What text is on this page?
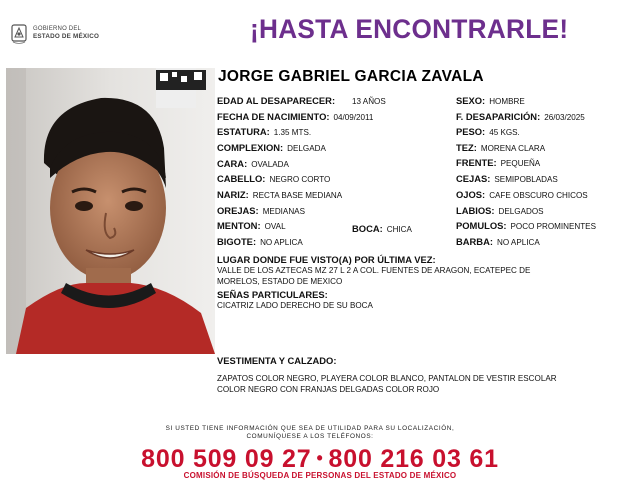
GOBIERNO DEL
ESTADO DE MÉXICO	¡HASTA ENCONTRARLE!
JORGE GABRIEL GARCIA ZAVALA
EDAD AL DESAPARECER:	13 AÑOS
FECHA DE NACIMIENTO: 04/09/2011
ESTATURA: 1.35 MTS.
COMPLEXION: DELGADA
CARA: OVALADA
CABELLO: NEGRO CORTO
NARIZ: RECTA BASE MEDIANA
OREJAS: MEDIANAS
MENTON: OVAL	BOCA: CHICA
BIGOTE: NO APLICA
SEXO: HOMBRE
F. DESAPARICIÓN: 26/03/2025
PESO: 45 KGS.
TEZ: MORENA CLARA
FRENTE: PEQUEÑA
CEJAS: SEMIPOBLADAS
OJOS: CAFE OBSCURO CHICOS
LABIOS: DELGADOS
POMULOS: POCO PROMINENTES
BARBA: NO APLICA
LUGAR DONDE FUE VISTO(A) POR ÚLTIMA VEZ:
VALLE DE LOS AZTECAS MZ 27 L 2 A COL. FUENTES DE ARAGON, ECATEPEC DE
MORELOS, ESTADO DE MEXICO
SEÑAS PARTICULARES:
CICATRIZ LADO DERECHO DE SU BOCA
VESTIMENTA Y CALZADO:
ZAPATOS COLOR NEGRO, PLAYERA COLOR BLANCO, PANTALON DE VESTIR ESCOLAR
COLOR NEGRO CON FRANJAS DELGADAS COLOR ROJO
SI USTED TIENE INFORMACIÓN QUE SEA DE UTILIDAD PARA SU LOCALIZACIÓN,
COMUNÍQUESE A LOS TELÉFONOS:
800 509 09 27 • 800 216 03 61
COMISIÓN DE BÚSQUEDA DE PERSONAS DEL ESTADO DE MÉXICO
